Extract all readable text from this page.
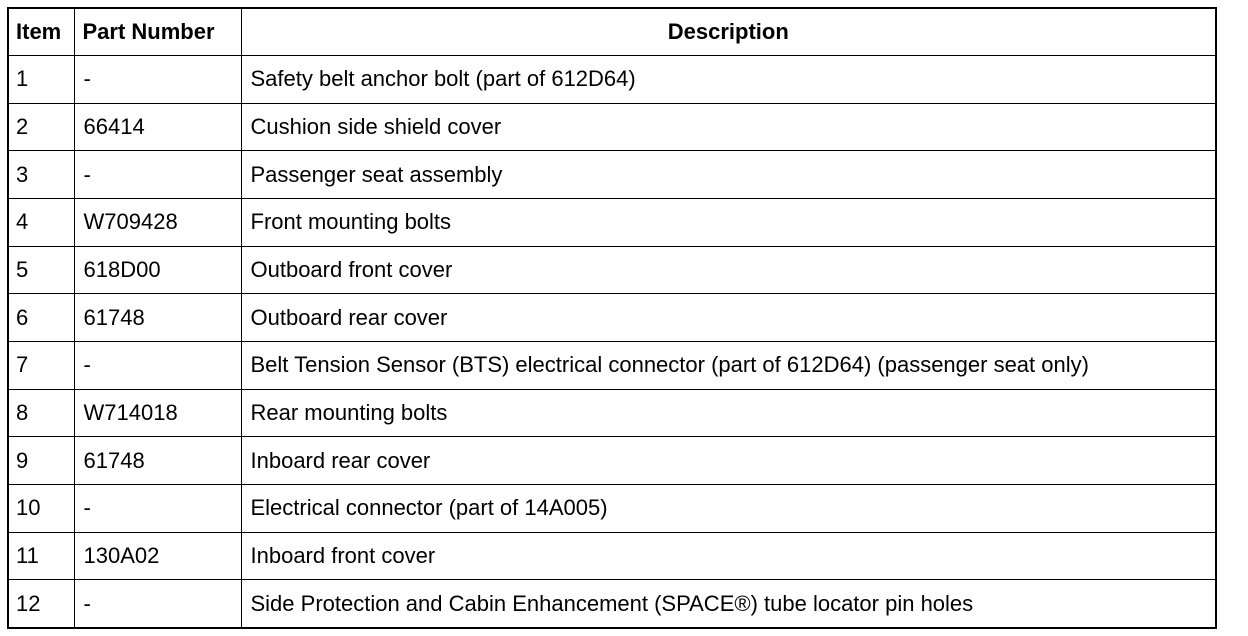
Item	Part Number	Description
1	-	Safety belt anchor bolt (part of 612D64)
2	66414	Cushion side shield cover
3	-	Passenger seat assembly
4	W709428	Front mounting bolts
5	618D00	Outboard front cover
6	61748	Outboard rear cover
7	-	Belt Tension Sensor (BTS) electrical connector (part of 612D64) (passenger seat only)
8	W714018	Rear mounting bolts
9	61748	Inboard rear cover
10	-	Electrical connector (part of 14A005)
11	130A02	Inboard front cover
12	-	Side Protection and Cabin Enhancement (SPACE®) tube locator pin holes
